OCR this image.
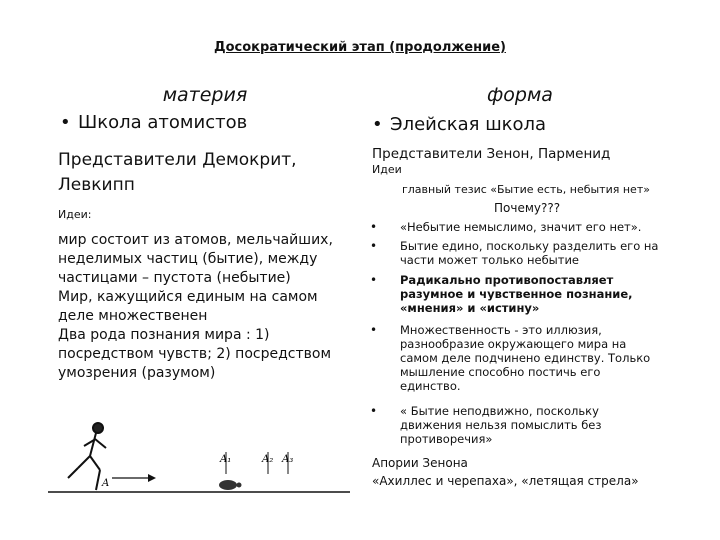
Досократический этап (продолжение)
материя
• Школа атомистов
Представители Демокрит,
Левкипп
Идеи:
мир состоит из атомов, мельчайших,
неделимых частиц (бытие), между
частицами – пустота (небытие)
Мир, кажущийся единым на самом
деле множественен
Два рода познания мира : 1)
посредством чувств; 2) посредством
умозрения (разумом)
A
A₁	A₂ A₃
форма
• Элейская школа
Представители Зенон, Парменид
Идеи
главный тезис «Бытие есть, небытия нет»
Почему???
• «Небытие немыслимо, значит его нет».
• Бытие едино, поскольку разделить его на
части может только небытие
• Радикально противопоставляет
разумное и чувственное познание,
«мнения» и «истину»
• Множественность - это иллюзия,
разнообразие окружающего мира на
самом деле подчинено единству. Только
мышление способно постичь его
единство.
• « Бытие неподвижно, поскольку
движения нельзя помыслить без
противоречия»
Апории Зенона
«Ахиллес и черепаха», «летящая стрела»
